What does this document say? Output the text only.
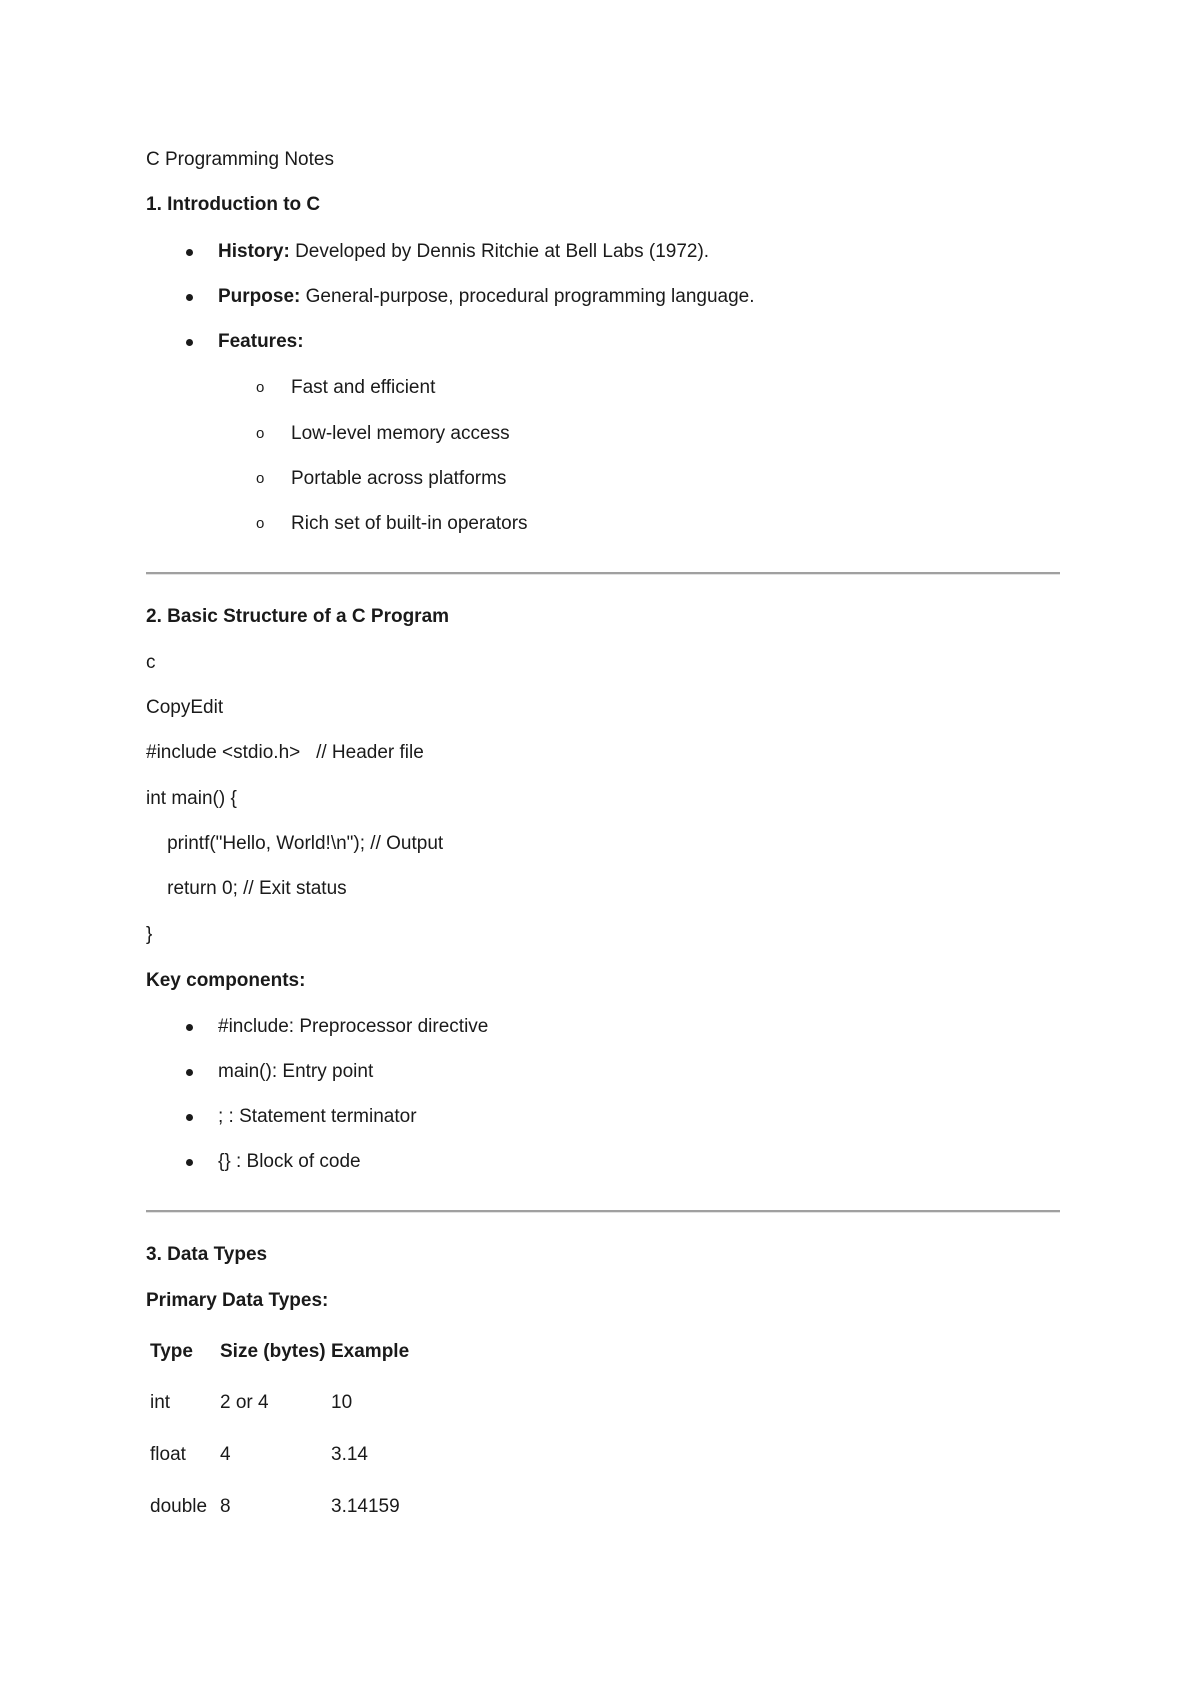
C Programming Notes
1. Introduction to C

History: Developed by Dennis Ritchie at Bell Labs (1972).

Purpose: General-purpose, procedural programming language.

Features:

o

Fast and efficient

o

Low-level memory access

o

Portable across platforms

o

Rich set of built-in operators

2. Basic Structure of a C Program
c
CopyEdit
#include <stdio.h>   // Header file
int main() {
printf("Hello, World!\n"); // Output
return 0; // Exit status
}
Key components:

#include: Preprocessor directive

main(): Entry point

; : Statement terminator

{} : Block of code

3. Data Types
Primary Data Types:
Type Size (bytes) Example
int	2 or 4	10
float 4	3.14
double 8	3.14159
